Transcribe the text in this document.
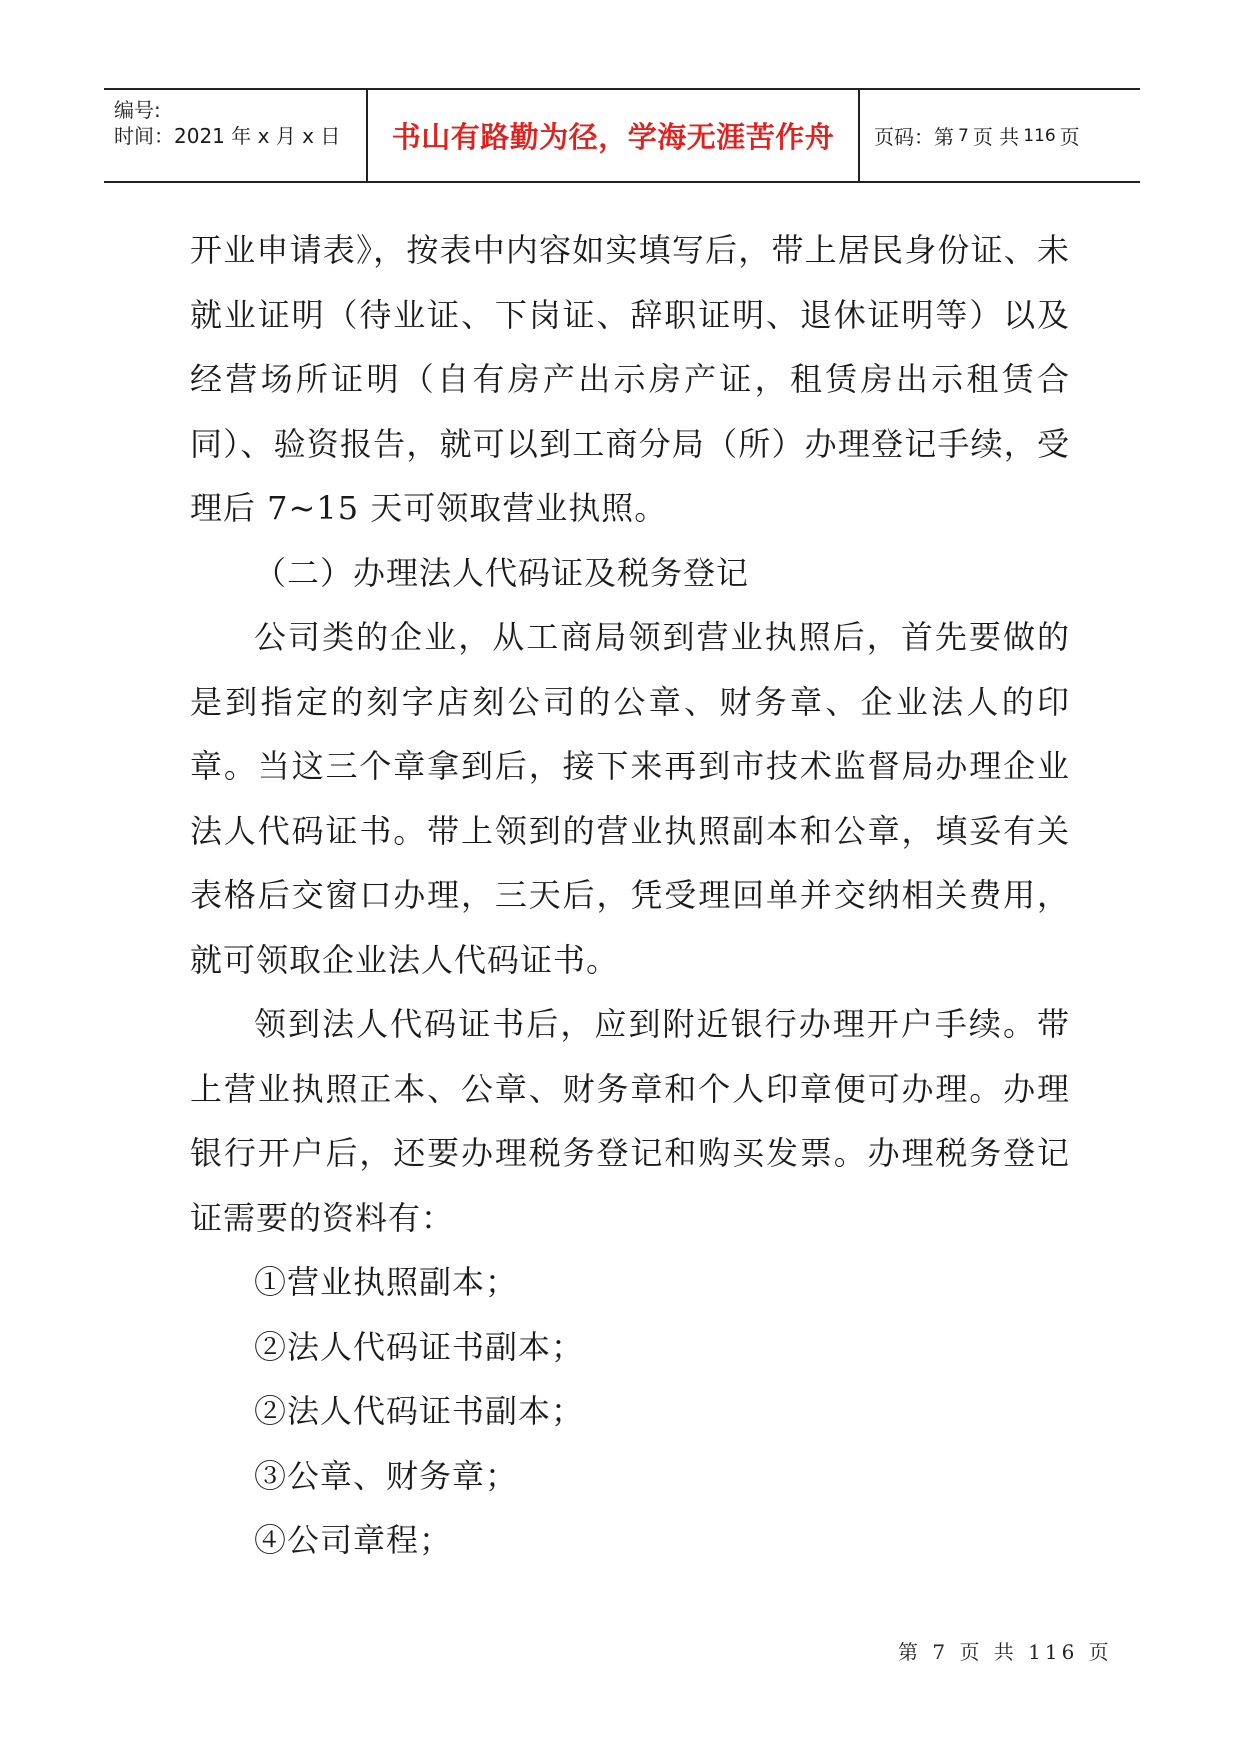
编号:
时间：2021 年 x 月 x 日	书山有路勤为径，学海无涯苦作舟	页码：第 7 页 共 116 页

开业申请表》，按表中内容如实填写后，带上居民身份证、未就业证明（待业证、下岗证、辞职证明、退休证明等）以及经营场所证明（自有房产出示房产证，租赁房出示租赁合同）、验资报告，就可以到工商分局（所）办理登记手续，受理后 7~15 天可领取营业执照。

（二）办理法人代码证及税务登记

公司类的企业，从工商局领到营业执照后，首先要做的是到指定的刻字店刻公司的公章、财务章、企业法人的印章。当这三个章拿到后，接下来再到市技术监督局办理企业法人代码证书。带上领到的营业执照副本和公章，填妥有关表格后交窗口办理，三天后，凭受理回单并交纳相关费用，就可领取企业法人代码证书。

领到法人代码证书后，应到附近银行办理开户手续。带上营业执照正本、公章、财务章和个人印章便可办理。办理银行开户后，还要办理税务登记和购买发票。办理税务登记证需要的资料有：

①营业执照副本；

②法人代码证书副本；

②法人代码证书副本；

③公章、财务章；

④公司章程；

第 7 页 共 116 页
